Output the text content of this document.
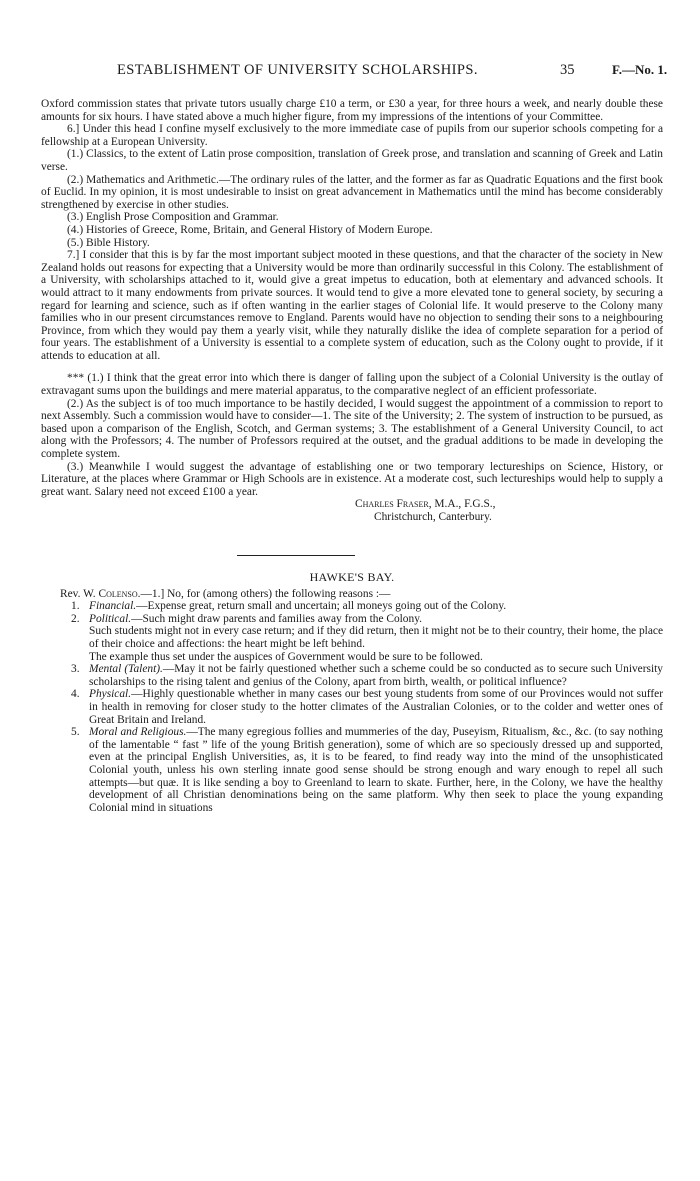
ESTABLISHMENT OF UNIVERSITY SCHOLARSHIPS.	35	F.—No. 1.

Oxford commission states that private tutors usually charge £10 a term, or £30 a year, for three hours a week, and nearly double these amounts for six hours. I have stated above a much higher figure, from my impressions of the intentions of your Committee.

6.] Under this head I confine myself exclusively to the more immediate case of pupils from our superior schools competing for a fellowship at a European University.

(1.) Classics, to the extent of Latin prose composition, translation of Greek prose, and translation and scanning of Greek and Latin verse.

(2.) Mathematics and Arithmetic.—The ordinary rules of the latter, and the former as far as Quadratic Equations and the first book of Euclid. In my opinion, it is most undesirable to insist on great advancement in Mathematics until the mind has become considerably strengthened by exercise in other studies.

(3.) English Prose Composition and Grammar.

(4.) Histories of Greece, Rome, Britain, and General History of Modern Europe.

(5.) Bible History.

7.] I consider that this is by far the most important subject mooted in these questions, and that the character of the society in New Zealand holds out reasons for expecting that a University would be more than ordinarily successful in this Colony. The establishment of a University, with scholarships attached to it, would give a great impetus to education, both at elementary and advanced schools. It would attract to it many endowments from private sources. It would tend to give a more elevated tone to general society, by securing a regard for learning and science, such as if often wanting in the earlier stages of Colonial life. It would preserve to the Colony many families who in our present circumstances remove to England. Parents would have no objection to sending their sons to a neighbouring Province, from which they would pay them a yearly visit, while they naturally dislike the idea of complete separation for a period of four years. The establishment of a University is essential to a complete system of education, such as the Colony ought to provide, if it attends to education at all.

*** (1.) I think that the great error into which there is danger of falling upon the subject of a Colonial University is the outlay of extravagant sums upon the buildings and mere material apparatus, to the comparative neglect of an efficient professoriate.

(2.) As the subject is of too much importance to be hastily decided, I would suggest the appointment of a commission to report to next Assembly. Such a commission would have to consider—1. The site of the University; 2. The system of instruction to be pursued, as based upon a comparison of the English, Scotch, and German systems; 3. The establishment of a General University Council, to act along with the Professors; 4. The number of Professors required at the outset, and the gradual additions to be made in developing the complete system.

(3.) Meanwhile I would suggest the advantage of establishing one or two temporary lectureships on Science, History, or Literature, at the places where Grammar or High Schools are in existence. At a moderate cost, such lectureships would help to supply a great want. Salary need not exceed £100 a year.

Charles Fraser, M.A., F.G.S.,
Christchurch, Canterbury.
HAWKE'S BAY.

Rev. W. Colenso.—1.] No, for (among others) the following reasons :—

1. Financial.—Expense great, return small and uncertain; all moneys going out of the Colony.

2. Political.—Such might draw parents and families away from the Colony.

Such students might not in every case return; and if they did return, then it might not be to their country, their home, the place of their choice and affections: the heart might be left behind.

The example thus set under the auspices of Government would be sure to be followed.

3. Mental (Talent).—May it not be fairly questioned whether such a scheme could be so conducted as to secure such University scholarships to the rising talent and genius of the Colony, apart from birth, wealth, or political influence?

4. Physical.—Highly questionable whether in many cases our best young students from some of our Provinces would not suffer in health in removing for closer study to the hotter climates of the Australian Colonies, or to the colder and wetter ones of Great Britain and Ireland.

5. Moral and Religious.—The many egregious follies and mummeries of the day, Puseyism, Ritualism, &c., &c. (to say nothing of the lamentable “ fast ” life of the young British generation), some of which are so speciously dressed up and supported, even at the principal English Universities, as, it is to be feared, to find ready way into the mind of the unsophisticated Colonial youth, unless his own sterling innate good sense should be strong enough and wary enough to repel all such attempts—but quæ. It is like sending a boy to Greenland to learn to skate. Further, here, in the Colony, we have the healthy development of all Christian denominations being on the same platform. Why then seek to place the young expanding Colonial mind in situations
